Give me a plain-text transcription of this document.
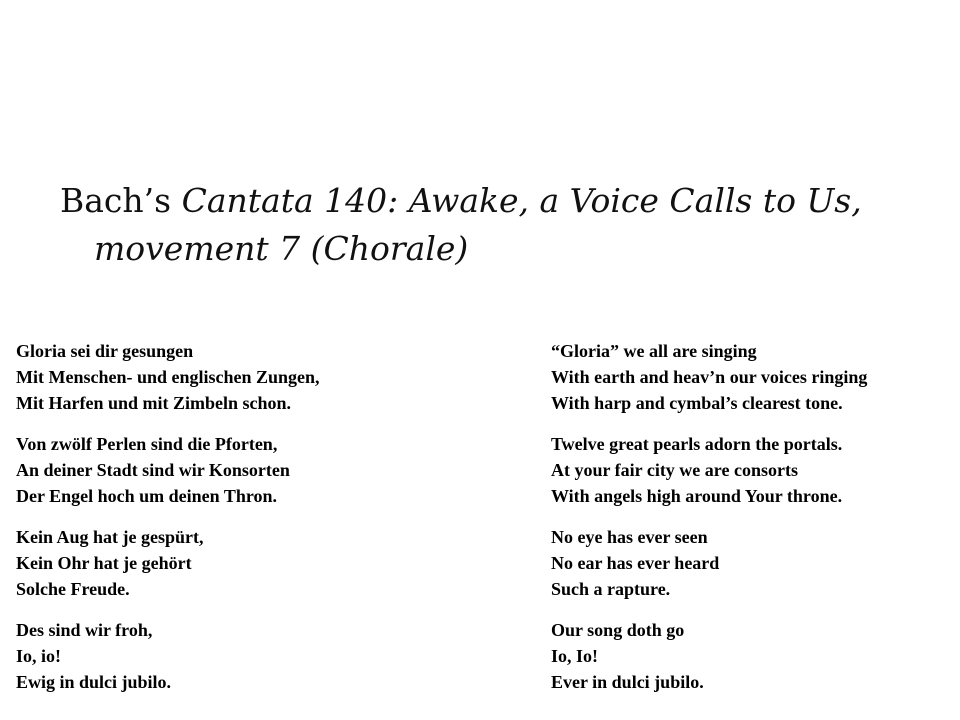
Bach’s Cantata 140: Awake, a Voice Calls to Us,
movement 7 (Chorale)
Gloria sei dir gesungen
Mit Menschen- und englischen Zungen,
Mit Harfen und mit Zimbeln schon.
Von zwölf Perlen sind die Pforten,
An deiner Stadt sind wir Konsorten
Der Engel hoch um deinen Thron.
Kein Aug hat je gespürt,
Kein Ohr hat je gehört
Solche Freude.
Des sind wir froh,
Io, io!
Ewig in dulci jubilo.
“Gloria” we all are singing
With earth and heav’n our voices ringing
With harp and cymbal’s clearest tone.
Twelve great pearls adorn the portals.
At your fair city we are consorts
With angels high around Your throne.
No eye has ever seen
No ear has ever heard
Such a rapture.
Our song doth go
Io, Io!
Ever in dulci jubilo.
